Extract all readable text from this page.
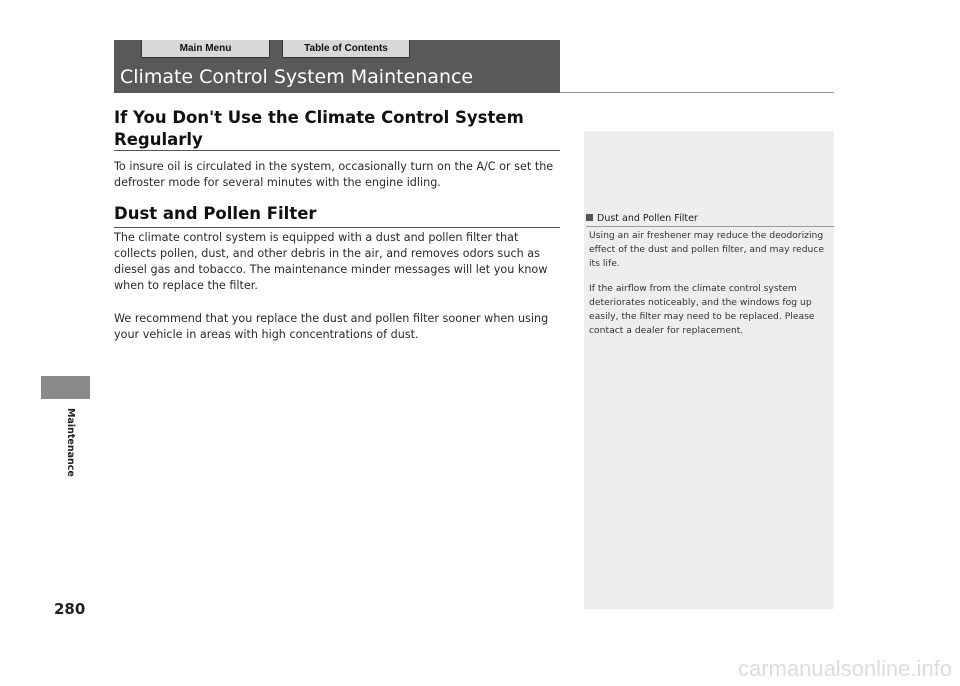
Main Menu	Table of Contents
Climate Control System Maintenance
If You Don't Use the Climate Control System Regularly

To insure oil is circulated in the system, occasionally turn on the A/C or set the defroster mode for several minutes with the engine idling.

Dust and Pollen Filter

The climate control system is equipped with a dust and pollen filter that collects pollen, dust, and other debris in the air, and removes odors such as diesel gas and tobacco. The maintenance minder messages will let you know when to replace the filter.

We recommend that you replace the dust and pollen filter sooner when using your vehicle in areas with high concentrations of dust.

Dust and Pollen Filter

Using an air freshener may reduce the deodorizing effect of the dust and pollen filter, and may reduce its life.

If the airflow from the climate control system deteriorates noticeably, and the windows fog up easily, the filter may need to be replaced. Please contact a dealer for replacement.

Maintenance
280
carmanualsonline.info
